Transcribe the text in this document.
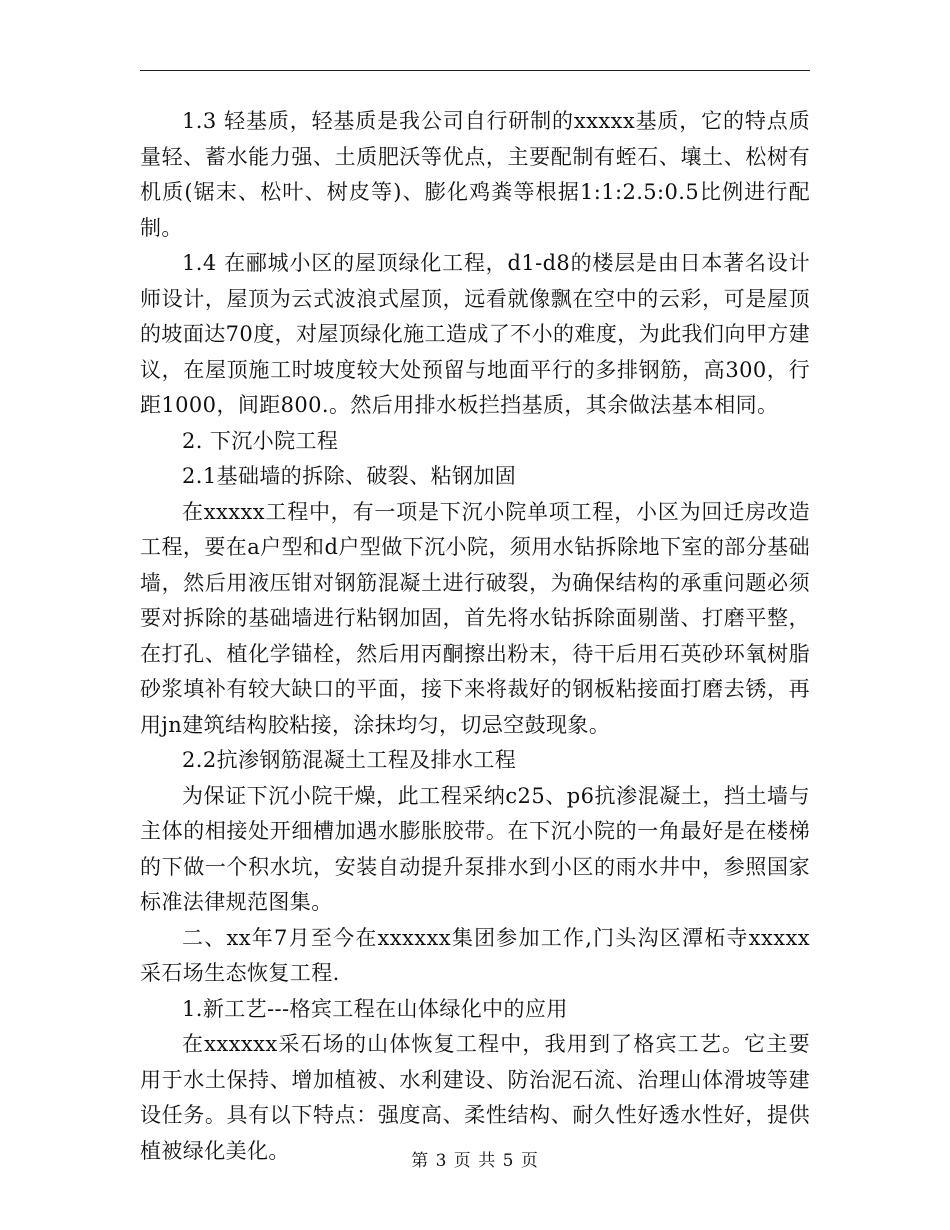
1.3 轻基质，轻基质是我公司自行研制的xxxxx基质，它的特点质量轻、蓄水能力强、土质肥沃等优点，主要配制有蛭石、壤土、松树有机质(锯末、松叶、树皮等)、膨化鸡粪等根据1:1:2.5:0.5比例进行配制。

1.4 在郦城小区的屋顶绿化工程，d1-d8的楼层是由日本著名设计师设计，屋顶为云式波浪式屋顶，远看就像飘在空中的云彩，可是屋顶的坡面达70度，对屋顶绿化施工造成了不小的难度，为此我们向甲方建议，在屋顶施工时坡度较大处预留与地面平行的多排钢筋，高300，行距1000，间距800.。然后用排水板拦挡基质，其余做法基本相同。

2. 下沉小院工程

2.1基础墙的拆除、破裂、粘钢加固

在xxxxx工程中，有一项是下沉小院单项工程，小区为回迁房改造工程，要在a户型和d户型做下沉小院，须用水钻拆除地下室的部分基础墙，然后用液压钳对钢筋混凝土进行破裂，为确保结构的承重问题必须要对拆除的基础墙进行粘钢加固，首先将水钻拆除面剔凿、打磨平整，在打孔、植化学锚栓，然后用丙酮擦出粉末，待干后用石英砂环氧树脂砂浆填补有较大缺口的平面，接下来将裁好的钢板粘接面打磨去锈，再用jn建筑结构胶粘接，涂抹均匀，切忌空鼓现象。

2.2抗渗钢筋混凝土工程及排水工程

为保证下沉小院干燥，此工程采纳c25、p6抗渗混凝土，挡土墙与主体的相接处开细槽加遇水膨胀胶带。在下沉小院的一角最好是在楼梯的下做一个积水坑，安装自动提升泵排水到小区的雨水井中，参照国家标准法律规范图集。

二、xx年7月至今在xxxxxx集团参加工作,门头沟区潭柘寺xxxxx采石场生态恢复工程.

1.新工艺---格宾工程在山体绿化中的应用

在xxxxxx采石场的山体恢复工程中，我用到了格宾工艺。它主要用于水土保持、增加植被、水利建设、防治泥石流、治理山体滑坡等建设任务。具有以下特点：强度高、柔性结构、耐久性好透水性好，提供植被绿化美化。	第 3 页 共 5 页
